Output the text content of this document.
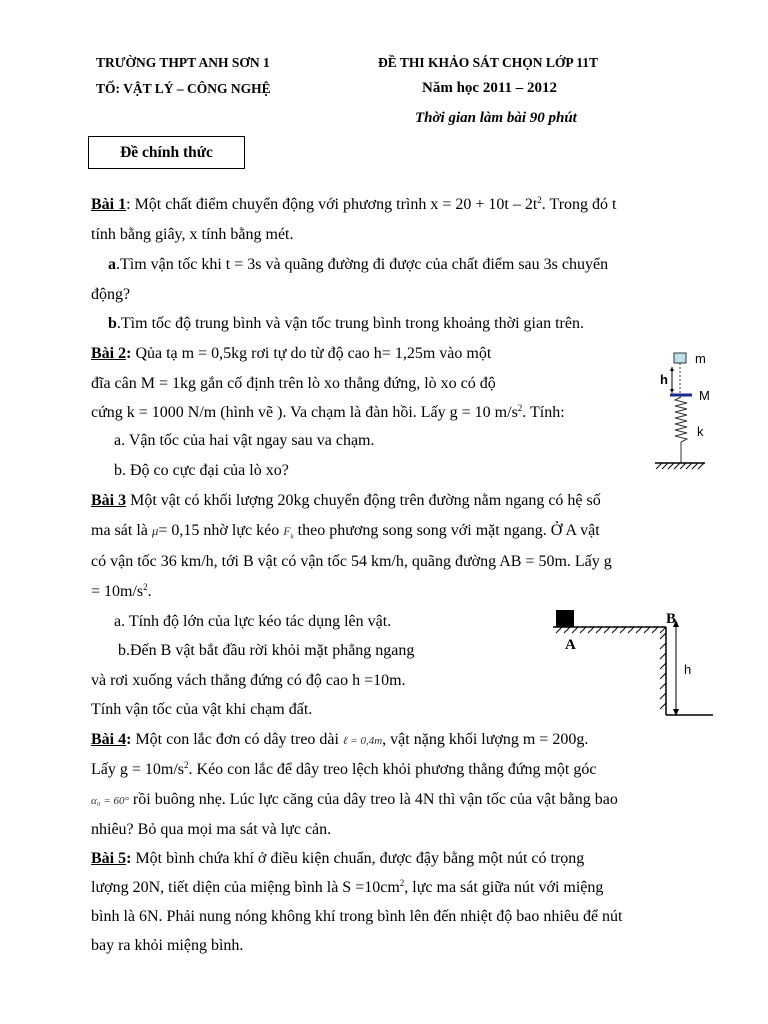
TRƯỜNG THPT ANH SƠN 1
TỐ: VẬT LÝ – CÔNG NGHỆ
ĐỀ THI KHẢO SÁT CHỌN LỚP 11T
Năm học 2011 – 2012
Thời gian làm bài 90 phút
Đề chính thức
Bài 1: Một chất điểm chuyển động với phương trình $x = 20 + 10t - 2t^2$. Trong đó t
tính bằng giây, x tính bằng mét.
a.Tìm vận tốc khi t = 3s và quãng đường đi được của chất điểm sau 3s chuyển
động?
b.Tìm tốc độ trung bình và vận tốc trung bình trong khoảng thời gian trên.
Bài 2: Qủa tạ m = 0,5kg rơi tự do từ độ cao h= 1,25m vào một
đĩa cân M = 1kg gắn cố định trên lò xo thẳng đứng, lò xo có độ
cứng k = 1000 N/m (hình vẽ ). Va chạm là đàn hồi. Lấy g = 10 $m/s^2$. Tính:
a. Vận tốc của hai vật ngay sau va chạm.
b. Độ co cực đại của lò xo?
m
h
M
k
Bài 3 Một vật có khối lượng 20kg chuyển động trên đường nằm ngang có hệ số
ma sát là μ= 0,15 nhờ lực kéo $F_k$ theo phương song song với mặt ngang. Ở A vật
có vận tốc 36 km/h, tới B vật có vận tốc 54 km/h, quãng đường AB = 50m. Lấy g
= $10m/s^2$.
a. Tính độ lớn của lực kéo tác dụng lên vật.
b.Đến B vật bắt đầu rời khỏi mặt phẳng ngang
và rơi xuống vách thẳng đứng có độ cao h =10m.
Tính vận tốc của vật khi chạm đất.
A
B
h
Bài 4: Một con lắc đơn có dây treo dài ℓ = 0,4m, vật nặng khối lượng m = 200g.
Lấy $g = 10m/s^2$. Kéo con lắc để dây treo lệch khỏi phương thẳng đứng một góc
α₀ = 60° rồi buông nhẹ. Lúc lực căng của dây treo là 4N thì vận tốc của vật bằng bao
nhiêu? Bỏ qua mọi ma sát và lực cản.
Bài 5: Một bình chứa khí ở điều kiện chuẩn, được đậy bằng một nút có trọng
lượng 20N, tiết diện của miệng bình là $S =10cm^2$, lực ma sát giữa nút với miệng
bình là 6N. Phải nung nóng không khí trong bình lên đến nhiệt độ bao nhiêu để nút
bay ra khỏi miệng bình.
